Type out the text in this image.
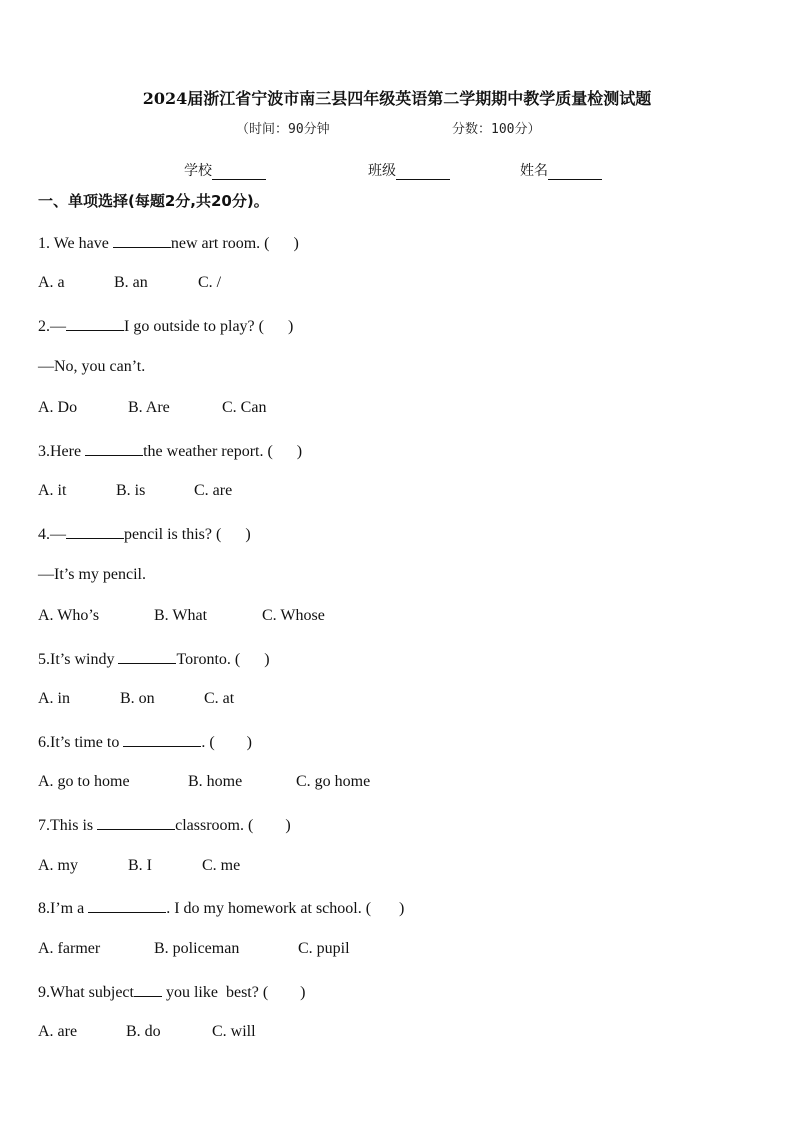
2024届浙江省宁波市南三县四年级英语第二学期期中教学质量检测试题
（时间：90分钟	分数：100分）
学校	班级	姓名
一、单项选择(每题2分,共20分)。
1. We have	new art room. (      )
A. a	B. an	C. /
2.—	I go outside to play? (      )
—No, you can’t.
A. Do	B. Are	C. Can
3.Here	the weather report. (      )
A. it	B. is	C. are
4.—	pencil is this? (      )
—It’s my pencil.
A. Who’s	B. What	C. Whose
5.It’s windy	Toronto. (      )
A. in	B. on	C. at
6.It’s time to	. (        )
A. go to home	B. home	C. go home
7.This is	classroom. (        )
A. my	B. I	C. me
8.I’m a	. I do my homework at school. (       )
A. farmer	B. policeman	C. pupil
9.What subject you like  best? (        )
A. are	B. do	C. will
